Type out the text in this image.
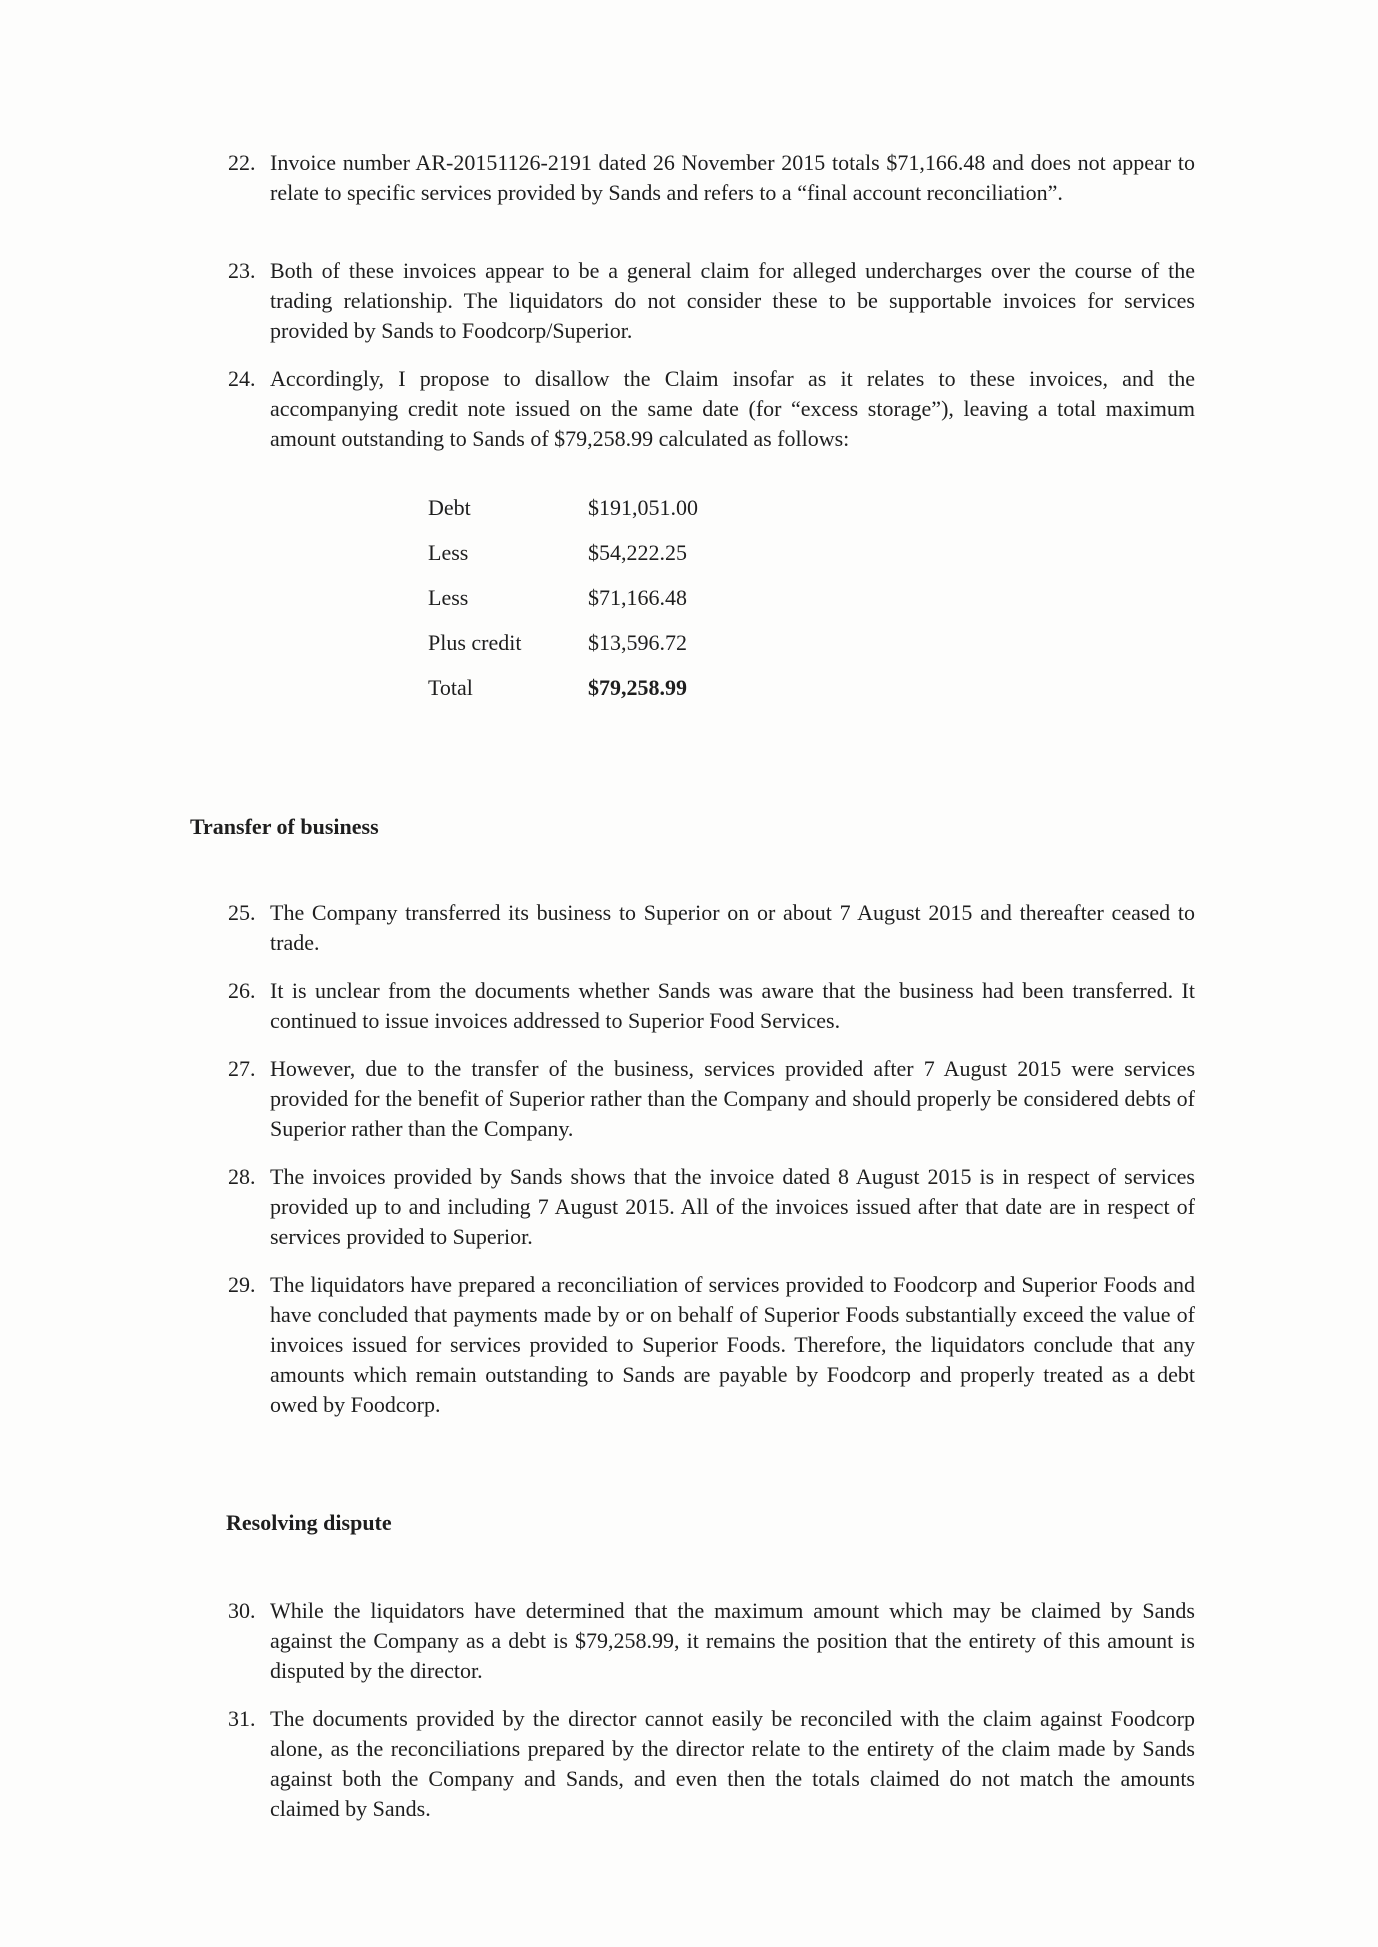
22. Invoice number AR-20151126-2191 dated 26 November 2015 totals $71,166.48 and does not appear to relate to specific services provided by Sands and refers to a “final account reconciliation”.
23. Both of these invoices appear to be a general claim for alleged undercharges over the course of the trading relationship. The liquidators do not consider these to be supportable invoices for services provided by Sands to Foodcorp/Superior.
24. Accordingly, I propose to disallow the Claim insofar as it relates to these invoices, and the accompanying credit note issued on the same date (for “excess storage”), leaving a total maximum amount outstanding to Sands of $79,258.99 calculated as follows:
Debt	$191,051.00
Less	$54,222.25
Less	$71,166.48
Plus credit	$13,596.72
Total	$79,258.99
Transfer of business
25. The Company transferred its business to Superior on or about 7 August 2015 and thereafter ceased to trade.
26. It is unclear from the documents whether Sands was aware that the business had been transferred. It continued to issue invoices addressed to Superior Food Services.
27. However, due to the transfer of the business, services provided after 7 August 2015 were services provided for the benefit of Superior rather than the Company and should properly be considered debts of Superior rather than the Company.
28. The invoices provided by Sands shows that the invoice dated 8 August 2015 is in respect of services provided up to and including 7 August 2015. All of the invoices issued after that date are in respect of services provided to Superior.
29. The liquidators have prepared a reconciliation of services provided to Foodcorp and Superior Foods and have concluded that payments made by or on behalf of Superior Foods substantially exceed the value of invoices issued for services provided to Superior Foods. Therefore, the liquidators conclude that any amounts which remain outstanding to Sands are payable by Foodcorp and properly treated as a debt owed by Foodcorp.
Resolving dispute
30. While the liquidators have determined that the maximum amount which may be claimed by Sands against the Company as a debt is $79,258.99, it remains the position that the entirety of this amount is disputed by the director.
31. The documents provided by the director cannot easily be reconciled with the claim against Foodcorp alone, as the reconciliations prepared by the director relate to the entirety of the claim made by Sands against both the Company and Sands, and even then the totals claimed do not match the amounts claimed by Sands.
